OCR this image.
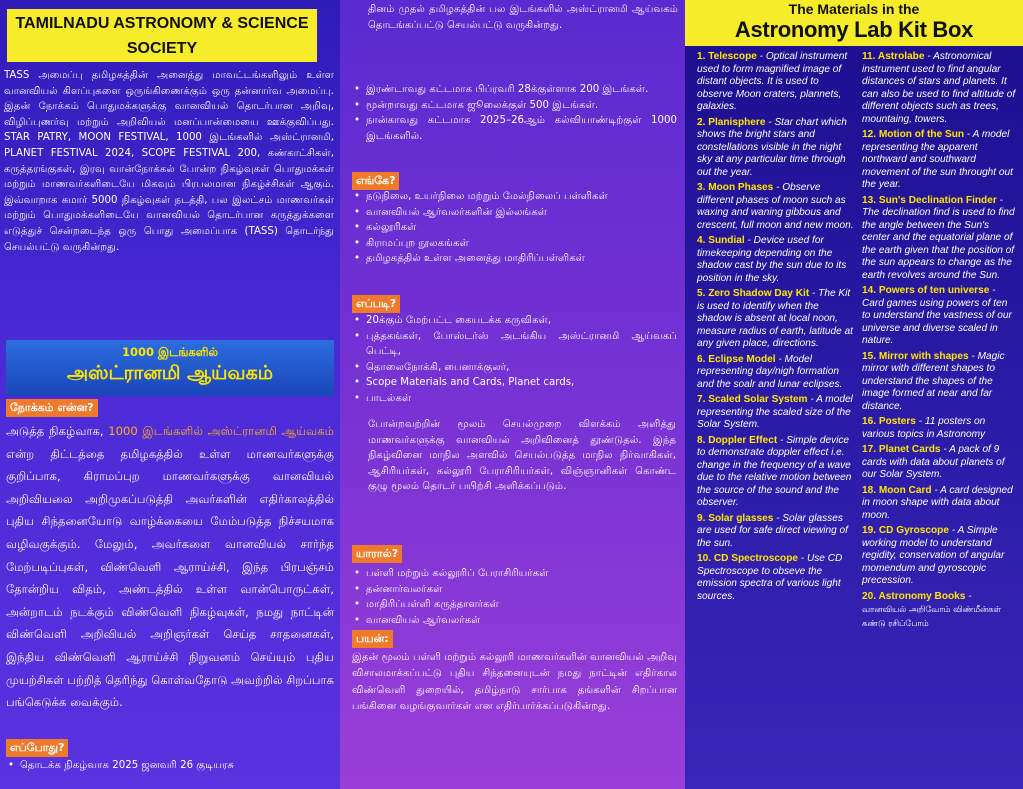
TAMILNADU ASTRONOMY & SCIENCE SOCIETY
TASS அமைப்பு தமிழகத்தின் அனைத்து மாவட்டங்களிலும் உள்ள வானவியல் கிளப்புகளை ஒருங்கிணைக்கும் ஒரு தன்னார்வ அமைப்பு. இதன் நோக்கம் பொதுமக்களுக்கு வானவியல் தொடர்பான அறிவு, விழிப்புணர்வு மற்றும் அறிவியல் மனப்பான்மையை ஊக்குவிப்பது. STAR PATRY, MOON FESTIVAL, 1000 இடங்களில் அஸ்ட்ரானமி, PLANET FESTIVAL 2024, SCOPE FESTIVAL 200, கண்காட்சிகள், கருத்தரங்குகள், இரவு வான்நோக்கல் போன்ற நிகழ்வுகள் பொதுமக்கள் மற்றும் மாணவர்களிடையே மிகவும் பிரபலமான நிகழ்ச்சிகள் ஆகும். இவ்வாறாக சுமார் 5000 நிகழ்வுகள் நடத்தி, பல இலட்சம் மாணவர்கள் மற்றும் பொதுமக்களிடையே வானவியல் தொடர்பான கருத்துக்களை எடுத்துச் சென்றடைந்த ஒரு பொது அமைப்பாக (TASS) தொடர்ந்து செயல்பட்டு வருகின்றது.
1000 இடங்களில்
அஸ்ட்ரானமி ஆய்வகம்
நோக்கம் என்ன?
அடுத்த நிகழ்வாக, 1000 இடங்களில் அஸ்ட்ரானமி ஆய்வகம் என்ற திட்டத்தை தமிழகத்தில் உள்ள மாணவர்களுக்கு குறிப்பாக, கிராமப்புற மாணவர்களுக்கு வானவியல் அறிவியலை அறிமுகப்படுத்தி அவர்களின் எதிர்காலத்தில் புதிய சிந்தனையோடு வாழ்க்கையை மேம்படுத்த நிச்சயமாக வழிவகுக்கும். மேலும், அவர்களை வானவியல் சார்ந்த மேற்படிப்புகள், விண்வெளி ஆராய்ச்சி, இந்த பிரபஞ்சம் தோன்றிய விதம், அண்டத்தில் உள்ள வான்பொருட்கள், அன்றாடம் நடக்கும் விண்வெளி நிகழ்வுகள், நமது நாட்டின் விண்வெளி அறிவியல் அறிஞர்கள் செய்த சாதனைகள், இந்திய விண்வெளி ஆராய்ச்சி நிறுவனம் செய்யும் புதிய முயற்சிகள் பற்றித் தெரிந்து கொள்வதோடு அவற்றில் சிறப்பாக பங்கெடுக்க வைக்கும்.
எப்போது?
• தொடக்க நிகழ்வாக 2025 ஜனவரி 26 குடியரசு
தினம் முதல் தமிழகத்தின் பல இடங்களில் அஸ்ட்ரானமி ஆய்வகம் தொடங்கப்பட்டு செயல்பட்டு வருகின்றது.
• இரண்டாவது கட்டமாக பிப்ரவரி 28க்குள்ளாக 200 இடங்கள்.
• மூன்றாவது கட்டமாக ஜூலைக்குள் 500 இடங்கள்.
• நான்காவது கட்டமாக 2025–26ஆம் கல்வியாண்டிற்குள் 1000 இடங்களில்.
எங்கே?
• நடுநிலை, உயர்நிலை மற்றும் மேல்நிலைப் பள்ளிகள்
• வானவியல் ஆர்வலர்களின் இல்லங்கள்
• கல்லூரிகள்
• கிராமப்புற நூலகங்கள்
• தமிழகத்தில் உள்ள அனைத்து மாதிரிப்பள்ளிகள்
எப்படி?
• 20க்கும் மேற்பட்ட கையடக்க கருவிகள்,
• புத்தகங்கள், போஸ்டர்ஸ் அடங்கிய அஸ்ட்ரானமி ஆய்வகப் பெட்டி,
• தொலைநோக்கி, பைனாக்குலர்,
• Scope Materials and Cards, Planet cards,
• பாடல்கள்
போன்றவற்றின் மூலம் செயல்முறை விளக்கம் அளித்து மாணவர்களுக்கு வானவியல் அறிவினைத் தூண்டுதல். இந்த நிகழ்வினை மாநில அளவில் செயல்படுத்த மாநில நிர்வாகிகள், ஆசிரியர்கள், கல்லூரி பேராசிரியர்கள், விஞ்ஞானிகள் கொண்ட குழு மூலம் தொடர் பயிற்சி அளிக்கப்படும்.
யாரால்?
• பள்ளி மற்றும் கல்லூரிப் பேராசிரியர்கள்
• தன்னார்வலர்கள்
• மாதிரிப்பள்ளி கருத்தாளர்கள்
• வானவியல் ஆர்வலர்கள்
பயன்:
இதன் மூலம் பள்ளி மற்றும் கல்லூரி மாணவர்களின் வானவியல் அறிவு விசாலமாக்கப்பட்டு புதிய சிந்தனையுடன் நமது நாட்டின் எதிர்கால விண்வெளி துறையில், தமிழ்நாடு சார்பாக தங்களின் சிறப்பான பங்கினை வழங்குவார்கள் என எதிர்பார்க்கப்படுகின்றது.
The Materials in the
Astronomy Lab Kit Box
1. Telescope - Optical instrument used to form magnified image of distant objects. It is used to observe Moon craters, plannets, galaxies.
2. Planisphere - Star chart which shows the bright stars and constellations visible in the night sky at any particular time through out the year.
3. Moon Phases - Observe different phases of moon such as waxing and waning gibbous and crescent, full moon and new moon.
4. Sundial - Device used for timekeeping depending on the shadow cast by the sun due to its position in the sky.
5. Zero Shadow Day Kit - The Kit is used to identify when the shadow is absent at local noon, measure radius of earth, latitude at any given place, directions.
6. Eclipse Model - Model representing day/nigh formation and the soalr and lunar eclipses.
7. Scaled Solar System - A model representing the scaled size of the Solar System.
8. Doppler Effect - Simple device to demonstrate doppler effect i.e. change in the frequency of a wave due to the relative motion between the source of the sound and the observer.
9. Solar glasses - Solar glasses are used for safe direct viewing of the sun.
10. CD Spectroscope - Use CD Spectroscope to obseve the emission spectra of various light sources.
11. Astrolabe - Astronomical instrument used to find angular distances of stars and planets. It can also be used to find altitude of different objects such as trees, mountaing, towers.
12. Motion of the Sun - A model representing the apparent northward and southward movement of the sun throught out the year.
13. Sun's Declination Finder - The declination find is used to find the angle between the Sun's center and the equatorial plane of the earth given that the position of the sun appears to change as the earth revolves around the Sun.
14. Powers of ten universe - Card games using powers of ten to understand the vastness of our universe and diverse scaled in nature.
15. Mirror with shapes - Magic mirror with different shapes to understand the shapes of the image formed at near and far distance.
16. Posters - 11 posters on various topics in Astronomy
17. Planet Cards - A pack of 9 cards with data about planets of our Solar System.
18. Moon Card - A card designed in moon shape with data about moon.
19. CD Gyroscope - A Simple working model to understand regidity, conservation of angular momendum and gyroscopic precession.
20. Astronomy Books - வானவியல் அறிவோம் விண்மீன்கள் கண்டு ரசிப்போம்
